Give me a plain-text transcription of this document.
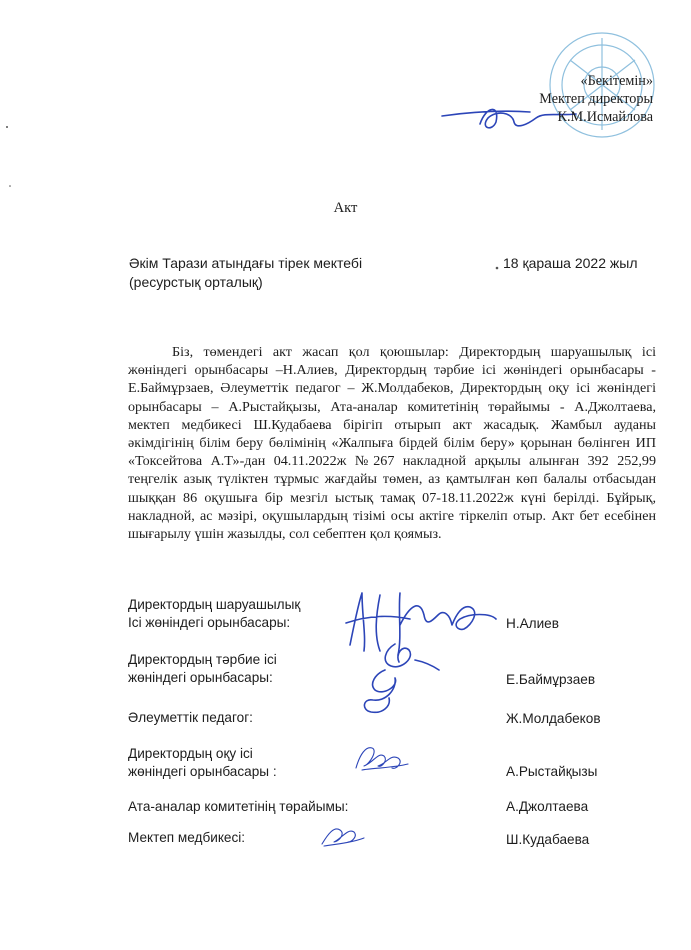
«Бекітемін»
Мектеп директоры
К.М.Исмайлова
Акт
Әкім Тарази атындағы тірек мектебі
(ресурстық орталық)
18 қараша 2022 жыл

Біз, төмендегі акт жасап қол қоюшылар: Директордың шаруашылық ісі жөніндегі орынбасары –Н.Алиев, Директордың тәрбие ісі жөніндегі орынбасары - Е.Баймұрзаев, Әлеуметтік педагог – Ж.Молдабеков, Директордың оқу ісі жөніндегі орынбасары – А.Рыстайқызы, Ата-аналар комитетінің төрайымы - А.Джолтаева, мектеп медбикесі Ш.Кудабаева бірігіп отырып акт жасадық. Жамбыл ауданы әкімдігінің білім беру бөлімінің «Жалпыға бірдей білім беру» қорынан бөлінген ИП «Токсейтова А.Т»-дан 04.11.2022ж №267 накладной арқылы алынған 392 252,99 теңгелік азық түліктен тұрмыс жағдайы төмен, аз қамтылған көп балалы отбасыдан шыққан 86 оқушыға бір мезгіл ыстық тамақ 07-18.11.2022ж күні берілді. Бұйрық, накладной, ас мәзірі, оқушылардың тізімі осы актіге тіркеліп отыр. Акт бет есебінен шығарылу үшін жазылды, сол себептен қол қоямыз.

Директордың шаруашылық
Ісі жөніндегі орынбасары:	Н.Алиев
Директордың тәрбие ісі
жөніндегі орынбасары:	Е.Баймұрзаев
Әлеуметтік педагог:	Ж.Молдабеков
Директордың оқу ісі
жөніндегі орынбасары :	А.Рыстайқызы
Ата-аналар комитетінің төрайымы:	А.Джолтаева
Мектеп медбикесі:	Ш.Кудабаева
